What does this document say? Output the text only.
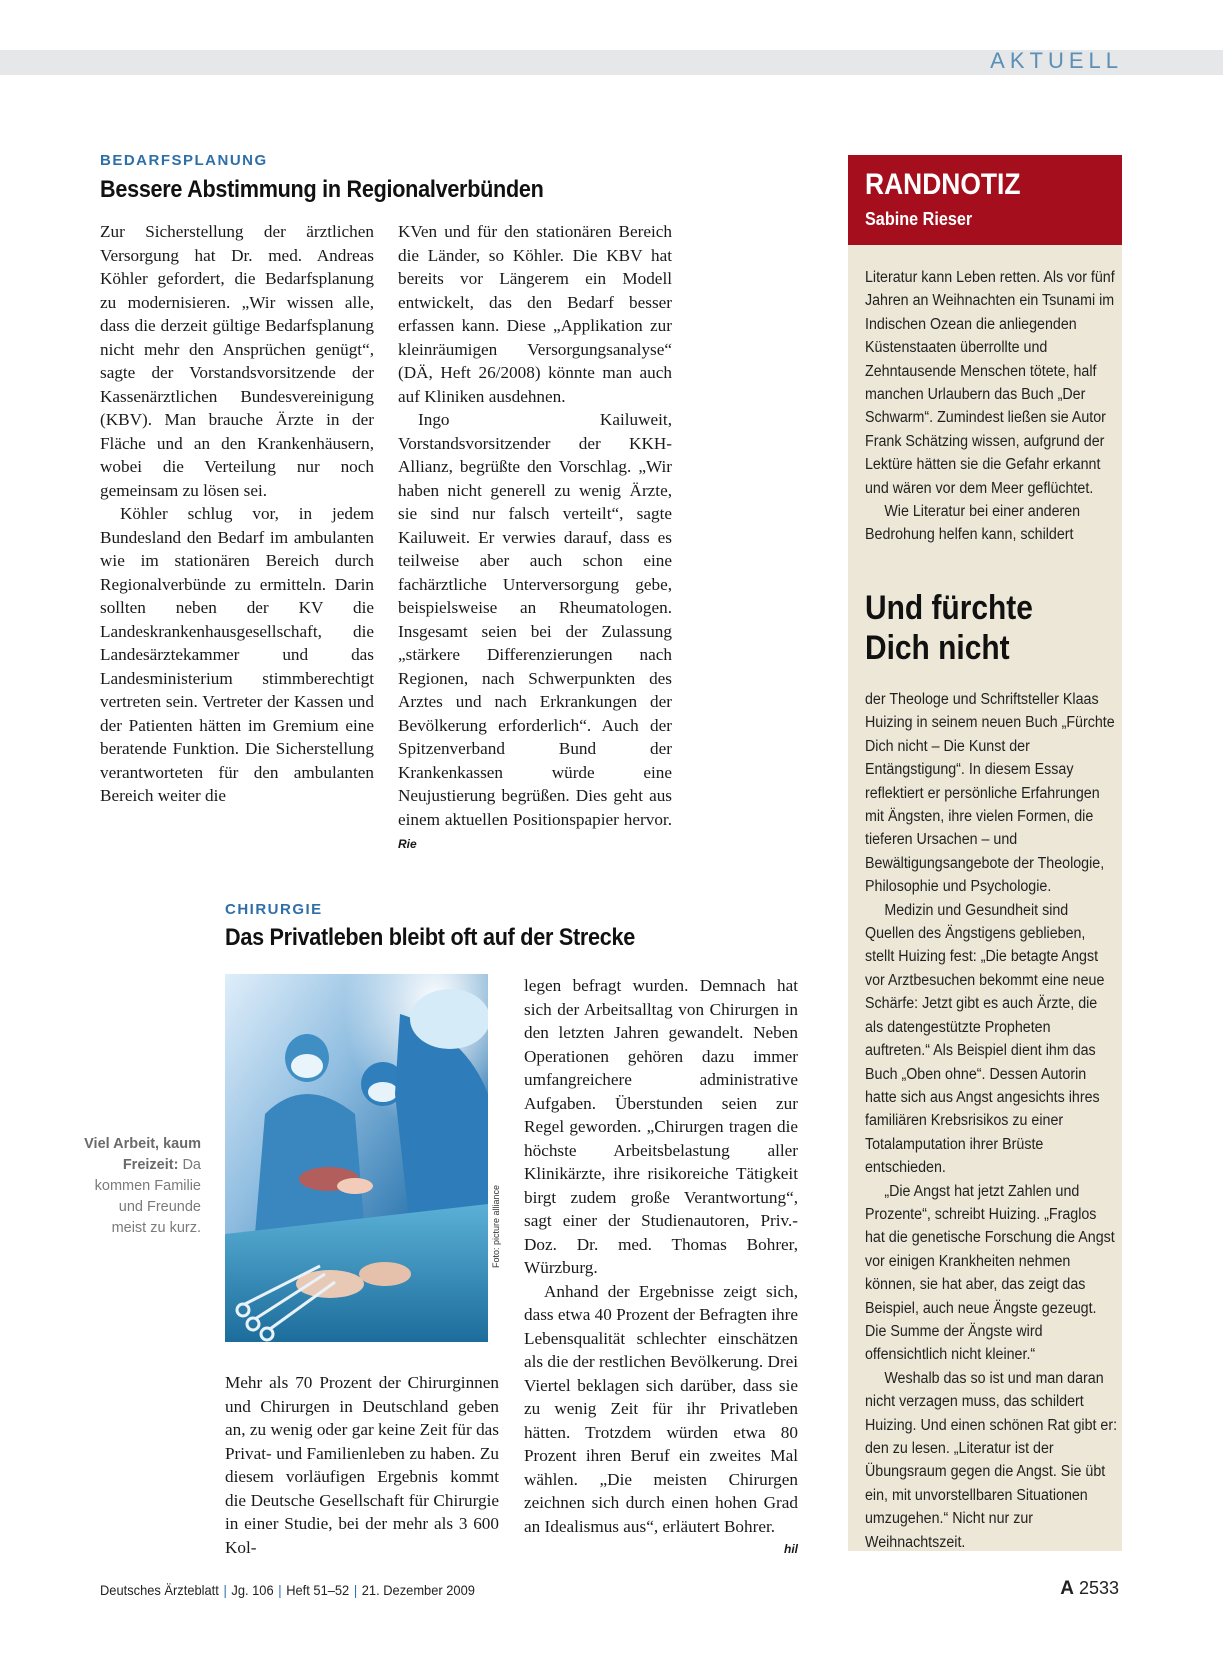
AKTUELL
BEDARFSPLANUNG
Bessere Abstimmung in Regionalverbünden

Zur Sicherstellung der ärztlichen Versorgung hat Dr. med. Andreas Köhler gefordert, die Bedarfsplanung zu modernisieren. „Wir wissen alle, dass die derzeit gültige Bedarfsplanung nicht mehr den Ansprüchen genügt“, sagte der Vorstandsvorsitzende der Kassenärztlichen Bundesvereinigung (KBV). Man brauche Ärzte in der Fläche und an den Krankenhäusern, wobei die Verteilung nur noch gemeinsam zu lösen sei.

Köhler schlug vor, in jedem Bundesland den Bedarf im ambulanten wie im stationären Bereich durch Regionalverbünde zu ermitteln. Darin sollten neben der KV die Landeskrankenhausgesellschaft, die Landesärztekammer und das Landesministerium stimmberechtigt vertreten sein. Vertreter der Kassen und der Patienten hätten im Gremium eine beratende Funktion. Die Sicherstellung verantworteten für den ambulanten Bereich weiter die

KVen und für den stationären Bereich die Länder, so Köhler. Die KBV hat bereits vor Längerem ein Modell entwickelt, das den Bedarf besser erfassen kann. Diese „Applikation zur kleinräumigen Versorgungsanalyse“ (DÄ, Heft 26/2008) könnte man auch auf Kliniken ausdehnen.

Ingo Kailuweit, Vorstandsvorsitzender der KKH-Allianz, begrüßte den Vorschlag. „Wir haben nicht generell zu wenig Ärzte, sie sind nur falsch verteilt“, sagte Kailuweit. Er verwies darauf, dass es teilweise aber auch schon eine fachärztliche Unterversorgung gebe, beispielsweise an Rheumatologen. Insgesamt seien bei der Zulassung „stärkere Differenzierungen nach Regionen, nach Schwerpunkten des Arztes und nach Erkrankungen der Bevölkerung erforderlich“. Auch der Spitzenverband Bund der Krankenkassen würde eine Neujustierung begrüßen. Dies geht aus einem aktuellen Positionspapier hervor. Rie

CHIRURGIE
Das Privatleben bleibt oft auf der Strecke
Viel Arbeit, kaum Freizeit: Da kommen Familie und Freunde meist zu kurz.	Foto: picture alliance

Mehr als 70 Prozent der Chirurginnen und Chirurgen in Deutschland geben an, zu wenig oder gar keine Zeit für das Privat- und Familienleben zu haben. Zu diesem vorläufigen Ergebnis kommt die Deutsche Gesellschaft für Chirurgie in einer Studie, bei der mehr als 3 600 Kol-

legen befragt wurden. Demnach hat sich der Arbeitsalltag von Chirurgen in den letzten Jahren gewandelt. Neben Operationen gehören dazu immer umfangreichere administrative Aufgaben. Überstunden seien zur Regel geworden. „Chirurgen tragen die höchste Arbeitsbelastung aller Klinikärzte, ihre risikoreiche Tätigkeit birgt zudem große Verantwortung“, sagt einer der Studienautoren, Priv.-Doz. Dr. med. Thomas Bohrer, Würzburg.

Anhand der Ergebnisse zeigt sich, dass etwa 40 Prozent der Befragten ihre Lebensqualität schlechter einschätzen als die der restlichen Bevölkerung. Drei Viertel beklagen sich darüber, dass sie zu wenig Zeit für ihr Privatleben hätten. Trotzdem würden etwa 80 Prozent ihren Beruf ein zweites Mal wählen. „Die meisten Chirurgen zeichnen sich durch einen hohen Grad an Idealismus aus“, erläutert Bohrer.
hil

RANDNOTIZ
Sabine Rieser

Literatur kann Leben retten. Als vor fünf Jahren an Weihnachten ein Tsunami im Indischen Ozean die anliegenden Küstenstaaten überrollte und Zehntausende Menschen tötete, half manchen Urlaubern das Buch „Der Schwarm“. Zumindest ließen sie Autor Frank Schätzing wissen, aufgrund der Lektüre hätten sie die Gefahr erkannt und wären vor dem Meer geflüchtet.

Wie Literatur bei einer anderen Bedrohung helfen kann, schildert

Und fürchte
Dich nicht

der Theologe und Schriftsteller Klaas Huizing in seinem neuen Buch „Fürchte Dich nicht – Die Kunst der Entängstigung“. In diesem Essay reflektiert er persönliche Erfahrungen mit Ängsten, ihre vielen Formen, die tieferen Ursachen – und Bewältigungsangebote der Theologie, Philosophie und Psychologie.

Medizin und Gesundheit sind Quellen des Ängstigens geblieben, stellt Huizing fest: „Die betagte Angst vor Arztbesuchen bekommt eine neue Schärfe: Jetzt gibt es auch Ärzte, die als datengestützte Propheten auftreten.“ Als Beispiel dient ihm das Buch „Oben ohne“. Dessen Autorin hatte sich aus Angst angesichts ihres familiären Krebsrisikos zu einer Totalamputation ihrer Brüste entschieden.

„Die Angst hat jetzt Zahlen und Prozente“, schreibt Huizing. „Fraglos hat die genetische Forschung die Angst vor einigen Krankheiten nehmen können, sie hat aber, das zeigt das Beispiel, auch neue Ängste gezeugt. Die Summe der Ängste wird offensichtlich nicht kleiner.“

Weshalb das so ist und man daran nicht verzagen muss, das schildert Huizing. Und einen schönen Rat gibt er: den zu lesen. „Literatur ist der Übungsraum gegen die Angst. Sie übt ein, mit unvorstellbaren Situationen umzugehen.“ Nicht nur zur Weihnachtszeit.

Deutsches Ärzteblatt | Jg. 106 | Heft 51–52 | 21. Dezember 2009	A 2533
